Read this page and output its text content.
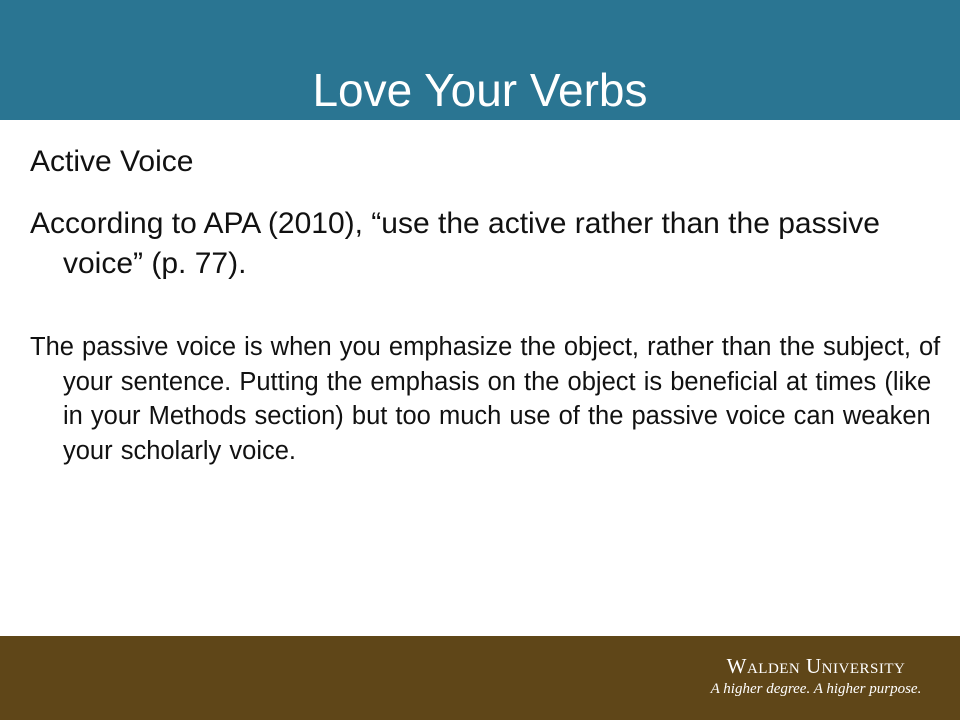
Love Your Verbs

Active Voice

According to APA (2010), “use the active rather than the passive voice” (p. 77).

The passive voice is when you emphasize the object, rather than the subject, of your sentence. Putting the emphasis on the object is beneficial at times (like in your Methods section) but too much use of the passive voice can weaken your scholarly voice.

Walden University
A higher degree. A higher purpose.
